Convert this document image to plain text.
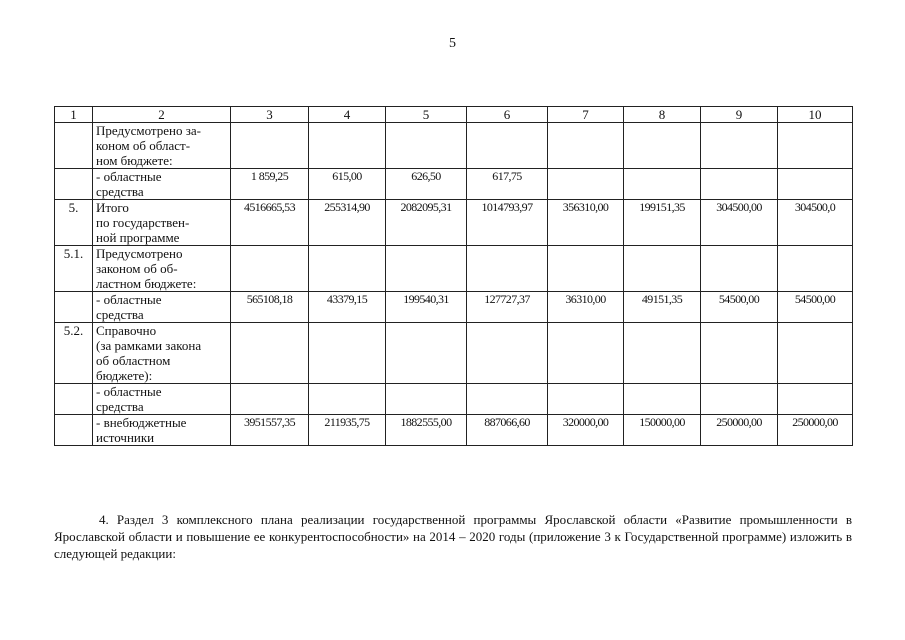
5
1	2	3	4	5	6	7	8	9	10

	Предусмотрено за-
коном об област-
ном бюджете:								

	- областные
средства	1 859,25	615,00	626,50	617,75				
5.	Итого
по государствен-
ной программе	4516665,53	255314,90	2082095,31	1014793,97	356310,00	199151,35	304500,00	304500,0
5.1.	Предусмотрено
законом об об-
ластном бюджете:								

	- областные
средства	565108,18	43379,15	199540,31	127727,37	36310,00	49151,35	54500,00	54500,00
5.2.	Справочно
(за рамками закона
об областном
бюджете):								

	- областные
средства								

	- внебюджетные
источники	3951557,35	211935,75	1882555,00	887066,60	320000,00	150000,00	250000,00	250000,00

4. Раздел 3 комплексного плана реализации государственной программы Ярославской области «Развитие промышленности в Ярославской области и повышение ее конкурентоспособности» на 2014 – 2020 годы (приложение 3 к Государственной программе) изложить в следующей редакции:
